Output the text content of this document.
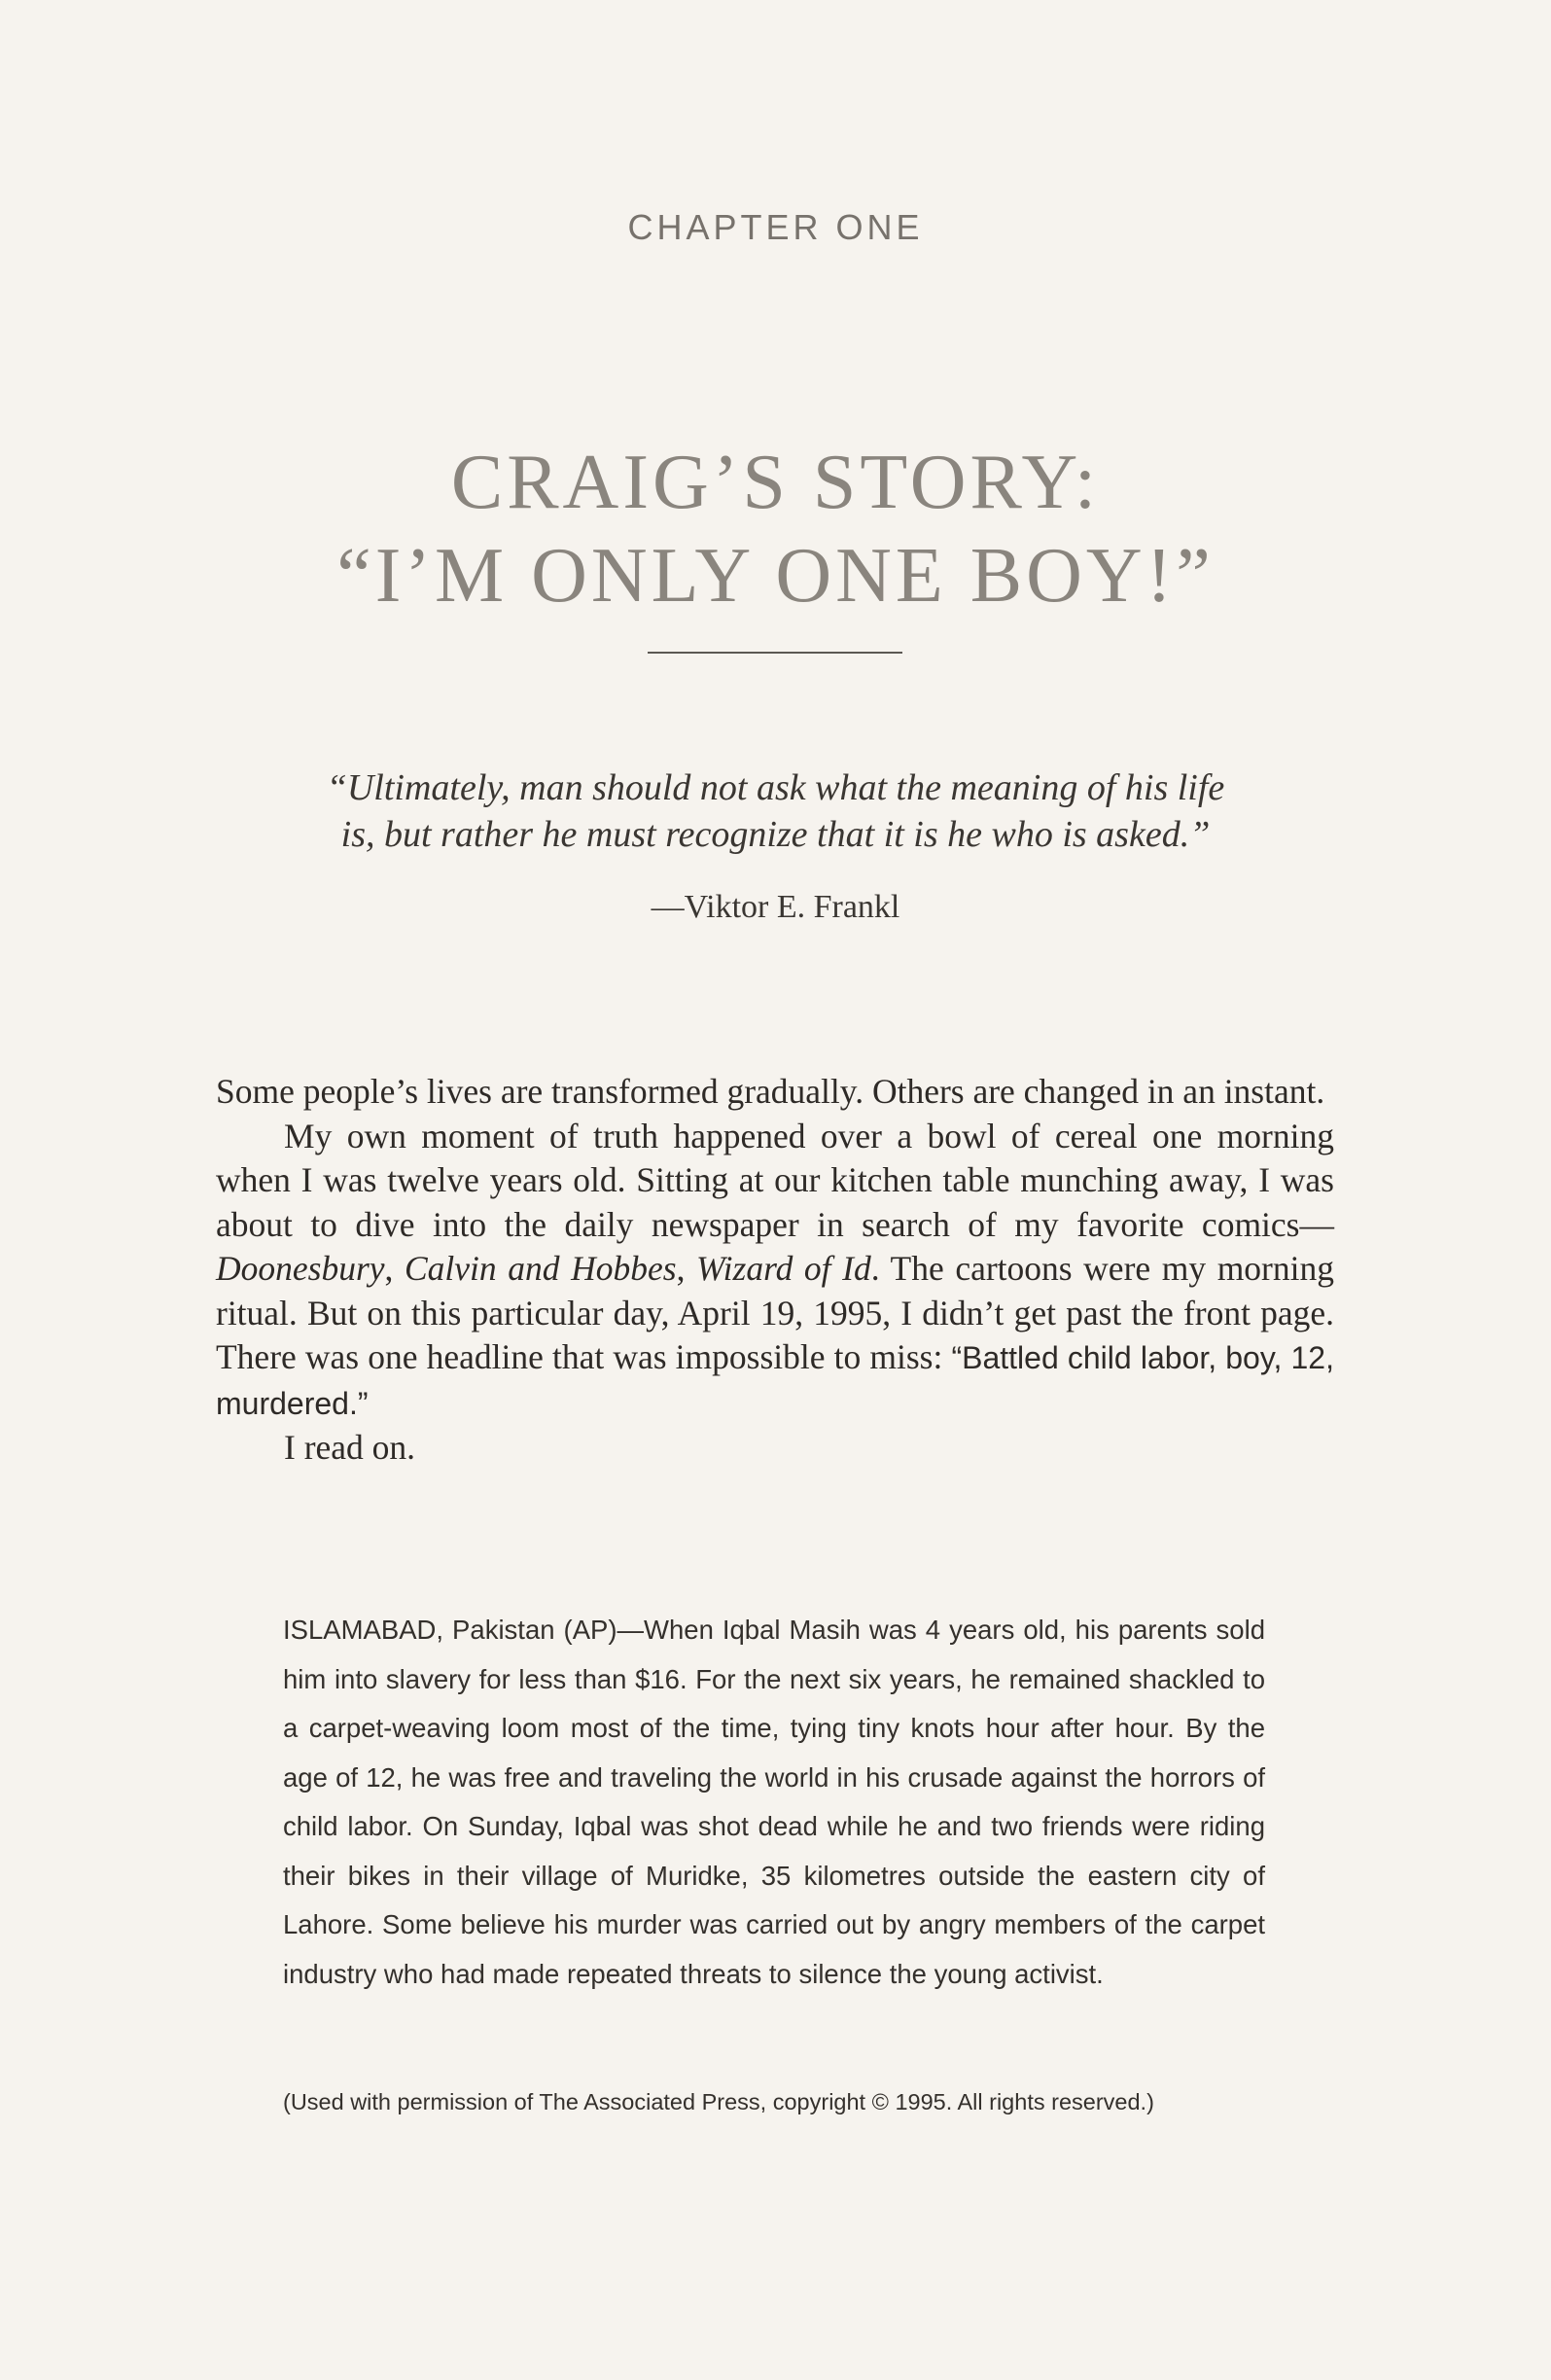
CHAPTER ONE
CRAIG’S STORY:
“I’M ONLY ONE BOY!”
“Ultimately, man should not ask what the meaning of his life
is, but rather he must recognize that it is he who is asked.”
—Viktor E. Frankl

Some people’s lives are transformed gradually. Others are changed in an instant.

My own moment of truth happened over a bowl of cereal one morning when I was twelve years old. Sitting at our kitchen table munching away, I was about to dive into the daily newspaper in search of my favorite comics—Doonesbury, Calvin and Hobbes, Wizard of Id. The cartoons were my morning ritual. But on this particular day, April 19, 1995, I didn’t get past the front page. There was one headline that was impossible to miss: “Battled child labor, boy, 12, murdered.”

I read on.

ISLAMABAD, Pakistan (AP)—When Iqbal Masih was 4 years old, his parents sold him into slavery for less than $16. For the next six years, he remained shackled to a carpet-weaving loom most of the time, tying tiny knots hour after hour. By the age of 12, he was free and traveling the world in his crusade against the horrors of child labor. On Sunday, Iqbal was shot dead while he and two friends were riding their bikes in their village of Muridke, 35 kilometres outside the eastern city of Lahore. Some believe his murder was carried out by angry members of the carpet industry who had made repeated threats to silence the young activist.

(Used with permission of The Associated Press, copyright © 1995. All rights reserved.)
